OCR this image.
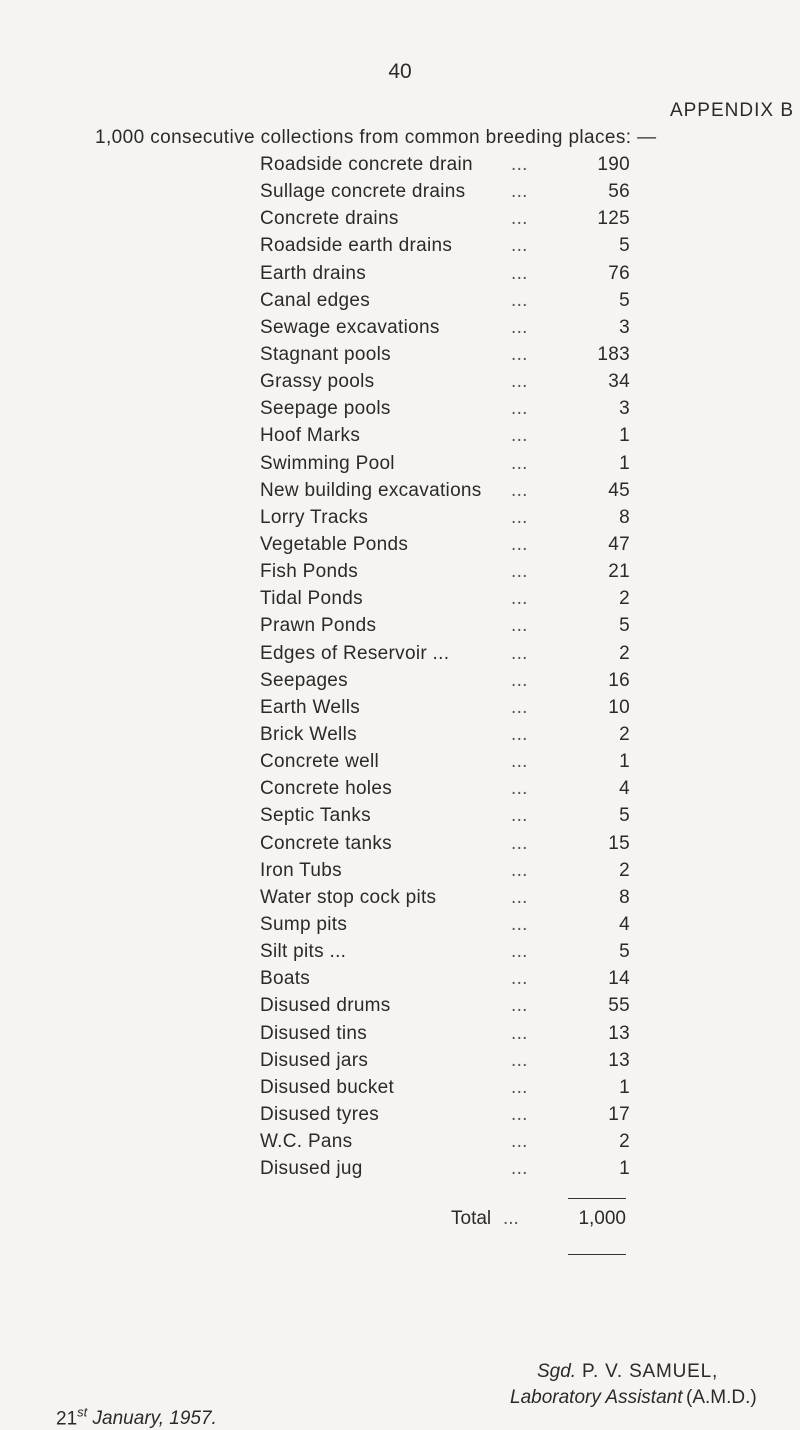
40
APPENDIX B
1,000 consecutive collections from common breeding places: —
Roadside concrete drain ...	190
Sullage concrete drains ...	56
Concrete drains	...	125
Roadside earth drains	...	5
Earth drains	...	76
Canal edges	...	5
Sewage excavations	...	3
Stagnant pools	...	183
Grassy pools	...	34
Seepage pools	...	3
Hoof Marks	...	1
Swimming Pool	...	1
New building excavations ...	45
Lorry Tracks	...	8
Vegetable Ponds	...	47
Fish Ponds	...	21
Tidal Ponds	...	2
Prawn Ponds	...	5
Edges of Reservoir ...	...	2
Seepages	...	16
Earth Wells	...	10
Brick Wells	...	2
Concrete well	...	1
Concrete holes	...	4
Septic Tanks	...	5
Concrete tanks	...	15
Iron Tubs	...	2
Water stop cock pits	...	8
Sump pits	...	4
Silt pits ...	...	5
Boats	...	14
Disused drums	...	55
Disused tins	...	13
Disused jars	...	13
Disused bucket	...	1
Disused tyres	...	17
W.C. Pans	...	2
Disused jug	...	1
Total ...	1,000
Sgd. P. V. SAMUEL,
Laboratory Assistant (A.M.D.)
21st January, 1957.
